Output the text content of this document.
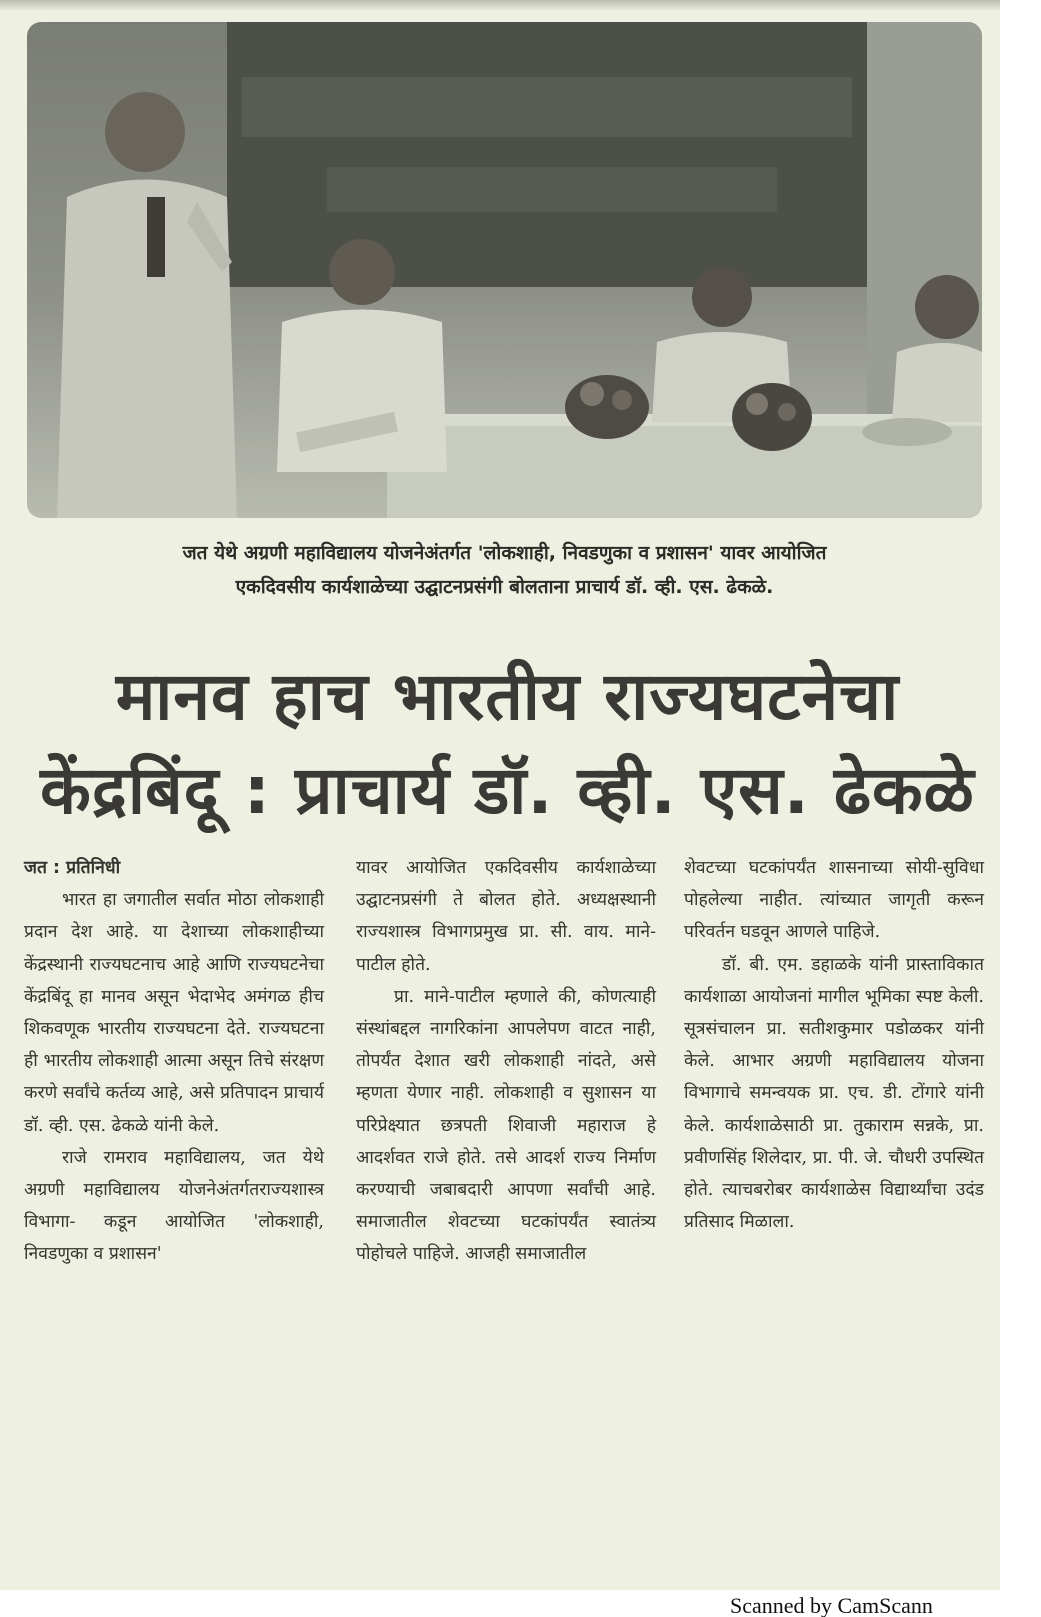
जत येथे अग्रणी महाविद्यालय योजनेअंतर्गत 'लोकशाही, निवडणुका व प्रशासन' यावर आयोजित
एकदिवसीय कार्यशाळेच्या उद्घाटनप्रसंगी बोलताना प्राचार्य डॉ. व्ही. एस. ढेकळे.

मानव हाच भारतीय राज्यघटनेचा
केंद्रबिंदू : प्राचार्य डॉ. व्ही. एस. ढेकळे

जत : प्रतिनिधी

भारत हा जगातील सर्वात मोठा लोकशाही प्रदान देश आहे. या देशाच्या लोकशाहीच्या केंद्रस्थानी राज्यघटनाच आहे आणि राज्यघटनेचा केंद्रबिंदू हा मानव असून भेदाभेद अमंगळ हीच शिकवणूक भारतीय राज्यघटना देते. राज्यघटना ही भारतीय लोकशाही आत्मा असून तिचे संरक्षण करणे सर्वांचे कर्तव्य आहे, असे प्रतिपादन प्राचार्य डॉ. व्ही. एस. ढेकळे यांनी केले.

राजे रामराव महाविद्यालय, जत येथे अग्रणी महाविद्यालय योजनेअंतर्गतराज्यशास्त्र विभागा- कडून आयोजित 'लोकशाही, निवडणुका व प्रशासन'

यावर आयोजित एकदिवसीय कार्यशाळेच्या उद्घाटनप्रसंगी ते बोलत होते. अध्यक्षस्थानी राज्यशास्त्र विभागप्रमुख प्रा. सी. वाय. माने-पाटील होते.

प्रा. माने-पाटील म्हणाले की, कोणत्याही संस्थांबद्दल नागरिकांना आपलेपण वाटत नाही, तोपर्यंत देशात खरी लोकशाही नांदते, असे म्हणता येणार नाही. लोकशाही व सुशासन या परिप्रेक्ष्यात छत्रपती शिवाजी महाराज हे आदर्शवत राजे होते. तसे आदर्श राज्य निर्माण करण्याची जबाबदारी आपणा सर्वांची आहे. समाजातील शेवटच्या घटकांपर्यंत स्वातंत्र्य पोहोचले पाहिजे. आजही समाजातील

शेवटच्या घटकांपर्यंत शासनाच्या सोयी-सुविधा पोहलेल्या नाहीत. त्यांच्यात जागृती करून परिवर्तन घडवून आणले पाहिजे.

डॉ. बी. एम. डहाळके यांनी प्रास्ताविकात कार्यशाळा आयोजनां मागील भूमिका स्पष्ट केली. सूत्रसंचालन प्रा. सतीशकुमार पडोळकर यांनी केले. आभार अग्रणी महाविद्यालय योजना विभागाचे समन्वयक प्रा. एच. डी. टोंगारे यांनी केले. कार्यशाळेसाठी प्रा. तुकाराम सन्नके, प्रा. प्रवीणसिंह शिलेदार, प्रा. पी. जे. चौधरी उपस्थित होते. त्याचबरोबर कार्यशाळेस विद्यार्थ्यांचा उदंड प्रतिसाद मिळाला.

Scanned by CamScann
